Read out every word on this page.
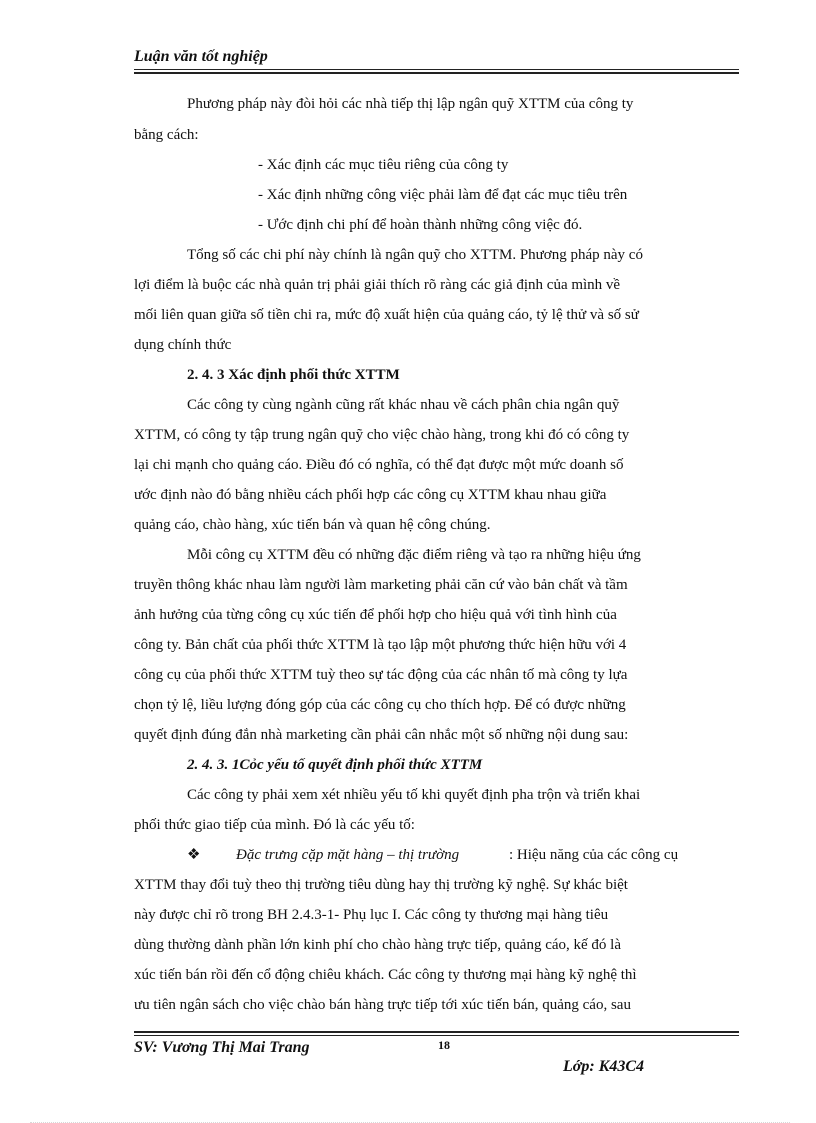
Luận văn tốt nghiệp
Phương pháp này đòi hỏi các nhà tiếp thị lập ngân quỹ XTTM của công ty
bằng cách:
- Xác định các mục tiêu riêng của công ty
- Xác định những công việc phải làm để đạt các mục tiêu trên
- Ước định chi phí để hoàn thành những công việc đó.
Tổng số các chi phí này chính là ngân quỹ cho XTTM. Phương pháp này có
lợi điểm là buộc các nhà quản trị phải giải thích rõ ràng các giả định của mình về
mối liên quan giữa số tiền chi ra, mức độ xuất hiện của quảng cáo, tỷ lệ thử và số sử
dụng chính thức
2. 4. 3 Xác định phối thức XTTM
Các công ty cùng ngành cũng rất khác nhau về cách phân chia ngân quỹ
XTTM, có công ty tập trung ngân quỹ cho việc chào hàng, trong khi đó có công ty
lại chi mạnh cho quảng cáo. Điều đó có nghĩa, có thể đạt được một mức doanh số
ước định nào đó bằng nhiều cách phối hợp các công cụ XTTM khau nhau giữa
quảng cáo, chào hàng, xúc tiến bán và quan hệ công chúng.
Mỗi công cụ XTTM đều có những đặc điểm riêng và tạo ra những hiệu ứng
truyền thông khác nhau làm người làm marketing phải căn cứ vào bản chất và tầm
ảnh hưởng của từng công cụ xúc tiến để phối hợp cho hiệu quả với tình hình của
công ty. Bản chất của phối thức XTTM là tạo lập một phương thức hiện hữu với 4
công cụ của phối thức XTTM tuỳ theo sự tác động của các nhân tố mà công ty lựa
chọn tỷ lệ, liều lượng đóng góp của các công cụ cho thích hợp. Để có được những
quyết định đúng đắn nhà marketing cần phải cân nhắc một số những nội dung sau:
2. 4. 3. 1Cỏc yếu tố quyết định phối thức XTTM
Các công ty phải xem xét nhiều yếu tố khi quyết định pha trộn và triển khai
phối thức giao tiếp của mình. Đó là các yếu tố:
❖ Đặc trưng cặp mặt hàng – thị trường	: Hiệu năng của các công cụ
XTTM thay đổi tuỳ theo thị trường tiêu dùng hay thị trường kỹ nghệ. Sự khác biệt
này được chỉ rõ trong BH 2.4.3-1- Phụ lục I. Các công ty thương mại hàng tiêu
dùng thường dành phần lớn kinh phí cho chào hàng trực tiếp, quảng cáo, kế đó là
xúc tiến bán rồi đến cổ động chiêu khách. Các công ty thương mại hàng kỹ nghệ thì
ưu tiên ngân sách cho việc chào bán hàng trực tiếp tới xúc tiến bán, quảng cáo, sau
SV: Vương Thị Mai Trang	18
Lớp: K43C4
